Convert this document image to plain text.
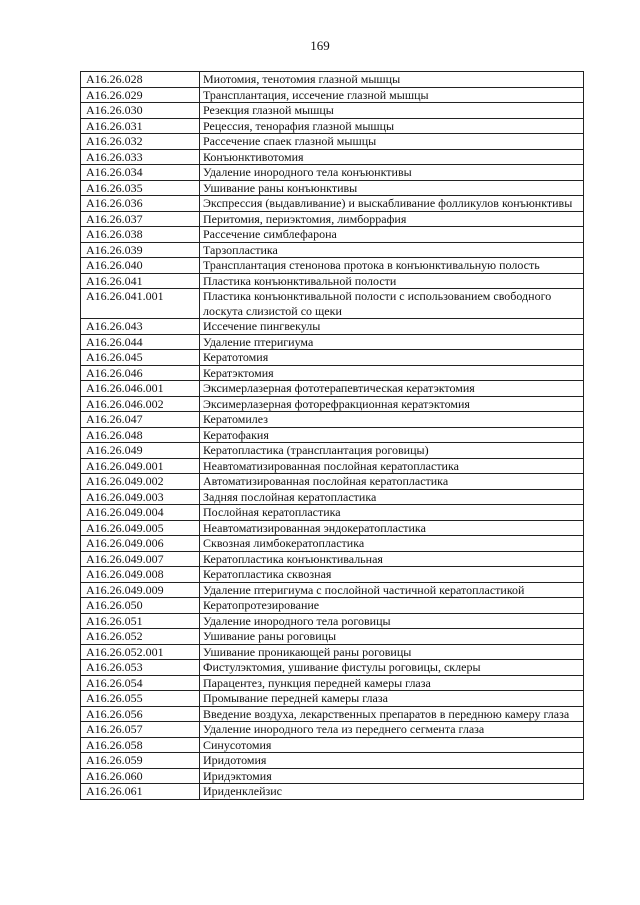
169
A16.26.028	Миотомия, тенотомия глазной мышцы
A16.26.029	Трансплантация, иссечение глазной мышцы
A16.26.030	Резекция глазной мышцы
A16.26.031	Рецессия, тенорафия глазной мышцы
A16.26.032	Рассечение спаек глазной мышцы
A16.26.033	Конъюнктивотомия
A16.26.034	Удаление инородного тела конъюнктивы
A16.26.035	Ушивание раны конъюнктивы
A16.26.036	Экспрессия (выдавливание) и выскабливание фолликулов конъюнктивы
A16.26.037	Перитомия, периэктомия, лимборрафия
A16.26.038	Рассечение симблефарона
A16.26.039	Тарзопластика
A16.26.040	Трансплантация стенонова протока в конъюнктивальную полость
A16.26.041	Пластика конъюнктивальной полости
A16.26.041.001	Пластика конъюнктивальной полости с использованием свободного лоскута слизистой со щеки
A16.26.043	Иссечение пингвекулы
A16.26.044	Удаление птеригиума
A16.26.045	Кератотомия
A16.26.046	Кератэктомия
A16.26.046.001	Эксимерлазерная фототерапевтическая кератэктомия
A16.26.046.002	Эксимерлазерная фоторефракционная кератэктомия
A16.26.047	Кератомилез
A16.26.048	Кератофакия
A16.26.049	Кератопластика (трансплантация роговицы)
A16.26.049.001	Неавтоматизированная послойная кератопластика
A16.26.049.002	Автоматизированная послойная кератопластика
A16.26.049.003	Задняя послойная кератопластика
A16.26.049.004	Послойная кератопластика
A16.26.049.005	Неавтоматизированная эндокератопластика
A16.26.049.006	Сквозная лимбокератопластика
A16.26.049.007	Кератопластика конъюнктивальная
A16.26.049.008	Кератопластика сквозная
A16.26.049.009	Удаление птеригиума с послойной частичной кератопластикой
A16.26.050	Кератопротезирование
A16.26.051	Удаление инородного тела роговицы
A16.26.052	Ушивание раны роговицы
A16.26.052.001	Ушивание проникающей раны роговицы
A16.26.053	Фистулэктомия, ушивание фистулы роговицы, склеры
A16.26.054	Парацентез, пункция передней камеры глаза
A16.26.055	Промывание передней камеры глаза
A16.26.056	Введение воздуха, лекарственных препаратов в переднюю камеру глаза
A16.26.057	Удаление инородного тела из переднего сегмента глаза
A16.26.058	Синусотомия
A16.26.059	Иридотомия
A16.26.060	Иридэктомия
A16.26.061	Ириденклейзис
